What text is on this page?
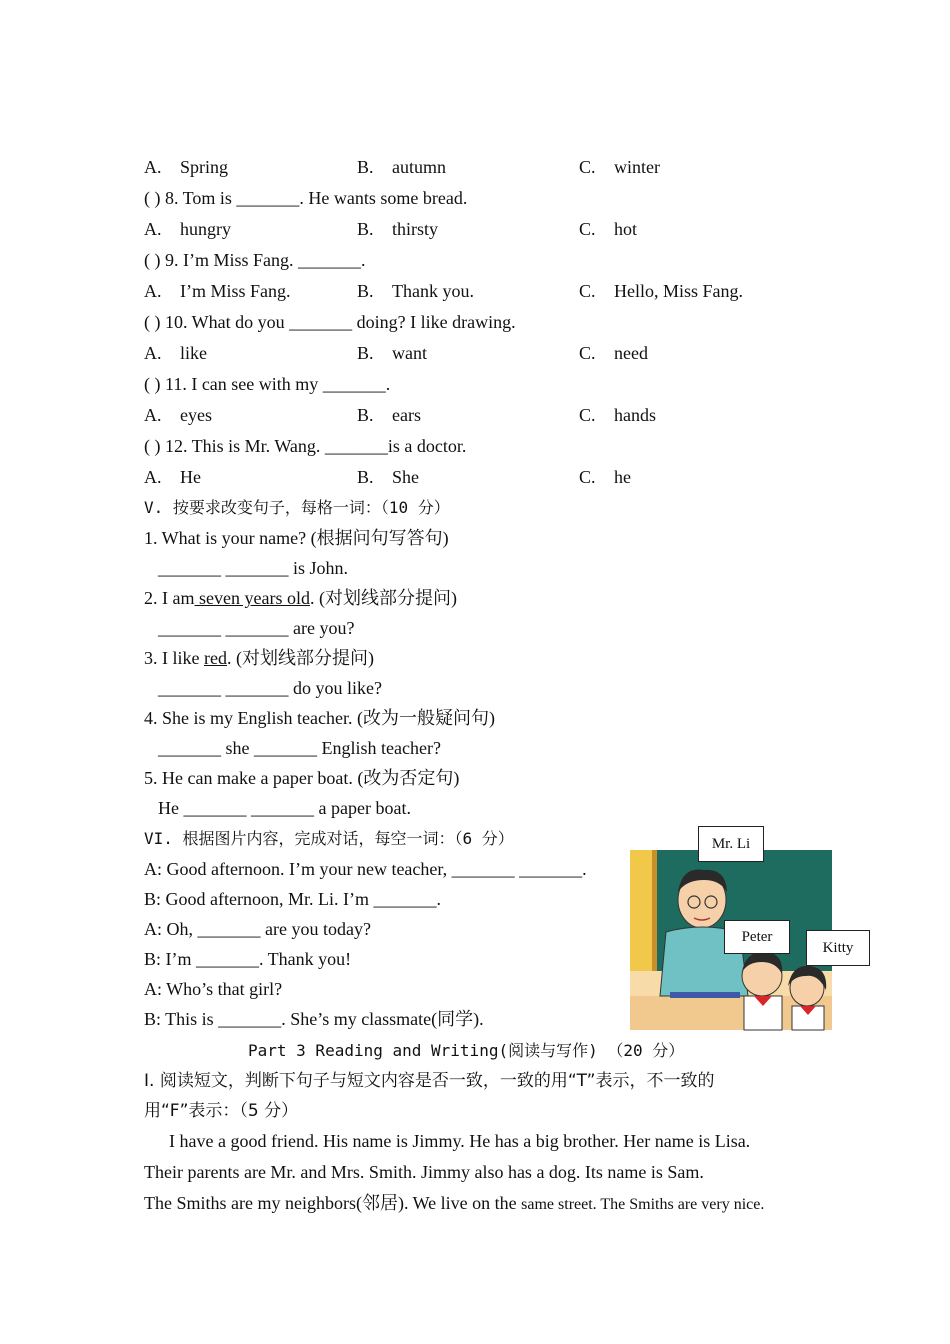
A. Spring	B. autumn	C. winter
( ) 8. Tom is _______. He wants some bread.
A. hungry	B. thirsty	C. hot
( ) 9. I’m Miss Fang. _______.
A. I’m Miss Fang.	B. Thank you.	C. Hello, Miss Fang.
( ) 10. What do you _______ doing? I like drawing.
A. like	B. want	C. need
( ) 11. I can see with my _______.
A. eyes	B. ears	C. hands
( ) 12. This is Mr. Wang. _______is a doctor.
A. He	B. She	C. he
V. 按要求改变句子，每格一词：（10 分）
1. What is your name? (根据问句写答句)
_______ _______ is John.
2. I am seven years old. (对划线部分提问)
_______ _______ are you?
3. I like red. (对划线部分提问)
_______ _______ do you like?
4. She is my English teacher. (改为一般疑问句)
_______ she _______ English teacher?
5. He can make a paper boat. (改为否定句)
He _______ _______ a paper boat.
VI. 根据图片内容，完成对话，每空一词：（6 分）
A: Good afternoon. I’m your new teacher, _______ _______.
B: Good afternoon, Mr. Li. I’m _______.
A: Oh, _______ are you today?
B: I’m _______. Thank you!
A: Who’s that girl?
B: This is _______. She’s my classmate(同学).
Mr. Li
Peter
Kitty
Part 3 Reading and Writing(阅读与写作) （20 分）
I. 阅读短文，判断下句子与短文内容是否一致，一致的用“T”表示，不一致的
用“F”表示：（5 分）
I have a good friend. His name is Jimmy. He has a big brother. Her name is Lisa.
Their parents are Mr. and Mrs. Smith. Jimmy also has a dog. Its name is Sam.
The Smiths are my neighbors(邻居). We live on the same street. The Smiths are very nice.
